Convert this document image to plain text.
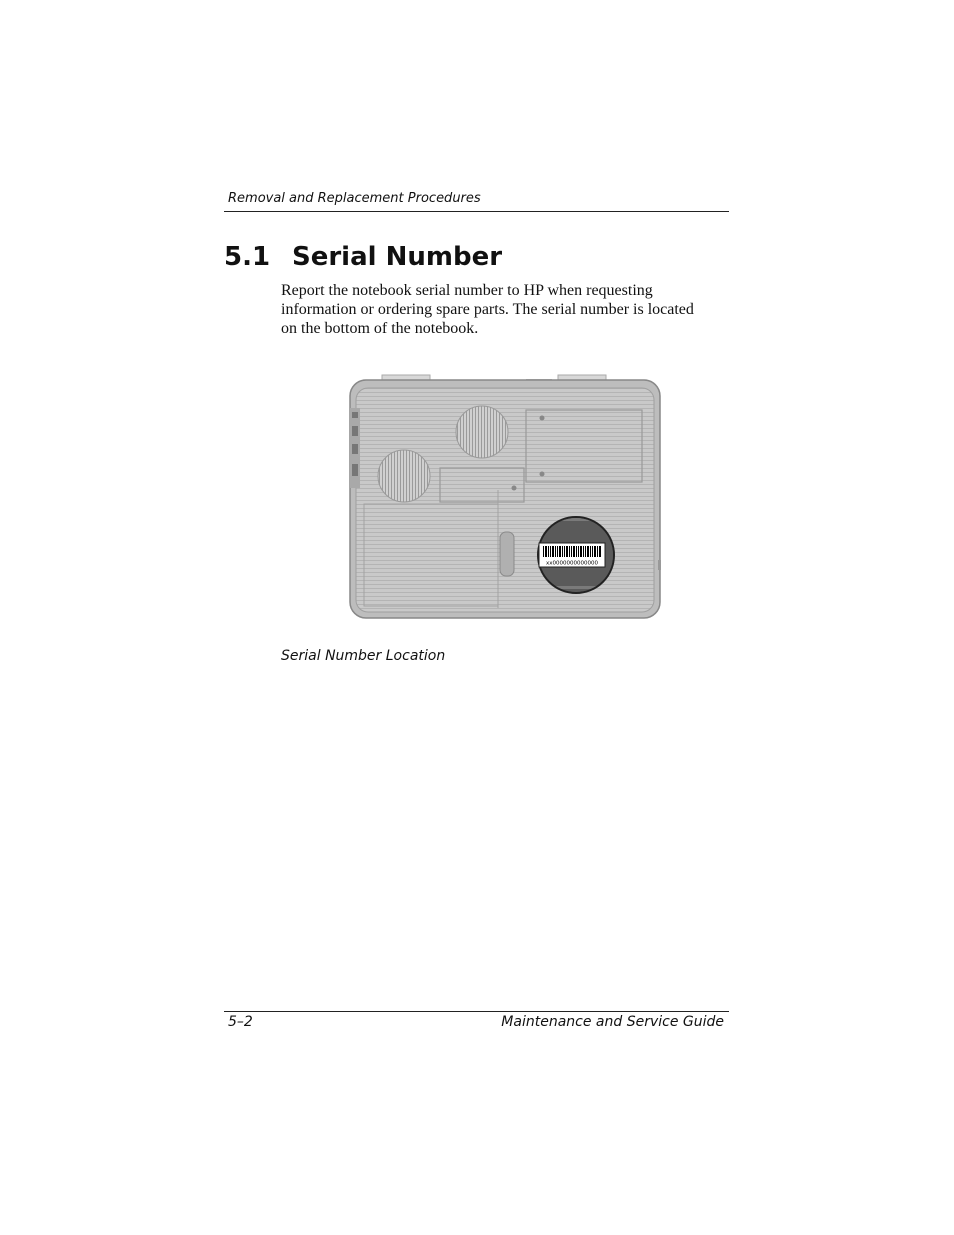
Removal and Replacement Procedures
5.1 Serial Number

Report the notebook serial number to HP when requesting information or ordering spare parts. The serial number is located on the bottom of the notebook.

xx0000000000000
Serial Number Location
5–2	Maintenance and Service Guide
